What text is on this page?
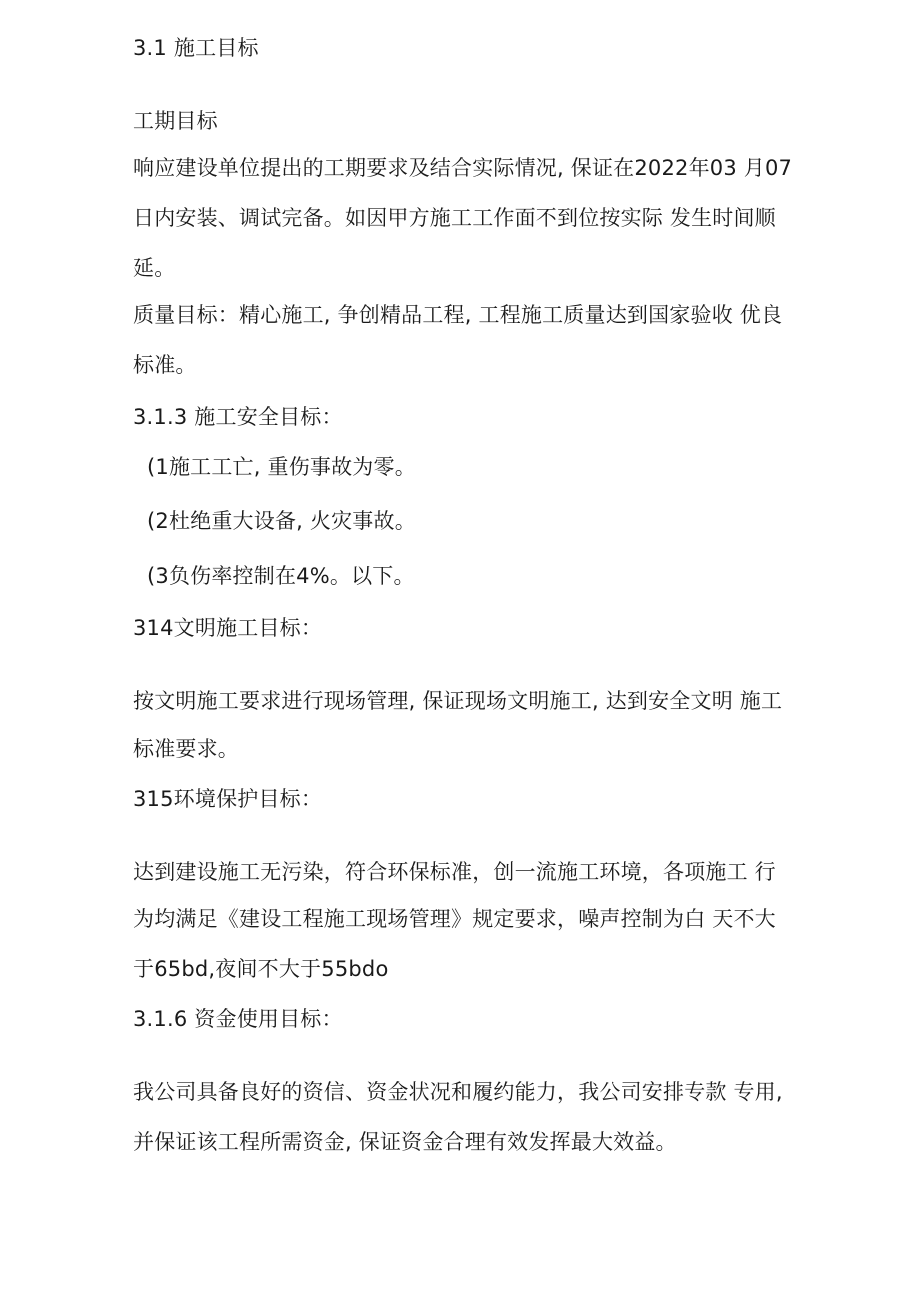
3.1 施工目标
工期目标
响应建设单位提出的工期要求及结合实际情况, 保证在2022年03 月07
日内安装、调试完备。如因甲方施工工作面不到位按实际 发生时间顺
延。
质量目标：精心施工, 争创精品工程, 工程施工质量达到国家验收 优良
标准。
3.1.3 施工安全目标：
(1施工工亡, 重伤事故为零。
(2杜绝重大设备, 火灾事故。
(3负伤率控制在4%。以下。
314文明施工目标：
按文明施工要求进行现场管理, 保证现场文明施工, 达到安全文明 施工
标准要求。
315环境保护目标：
达到建设施工无污染，符合环保标准，创一流施工环境，各项施工 行
为均满足《建设工程施工现场管理》规定要求，噪声控制为白 天不大
于65bd,夜间不大于55bdo
3.1.6 资金使用目标：
我公司具备良好的资信、资金状况和履约能力，我公司安排专款 专用,
并保证该工程所需资金, 保证资金合理有效发挥最大效益。
